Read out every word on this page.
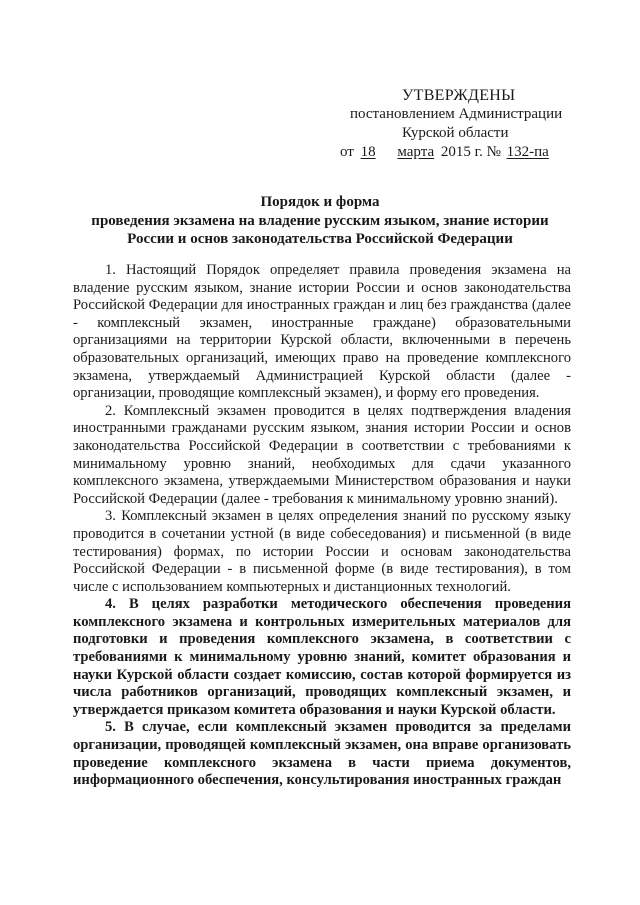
УТВЕРЖДЕНЫ
постановлением Администрации
Курской области
от 18 марта 2015 г. № 132-па
Порядок и форма
проведения экзамена на владение русским языком, знание истории
России и основ законодательства Российской Федерации

1. Настоящий Порядок определяет правила проведения экзамена на владение русским языком, знание истории России и основ законодательства Российской Федерации для иностранных граждан и лиц без гражданства (далее - комплексный экзамен, иностранные граждане) образовательными организациями на территории Курской области, включенными в перечень образовательных организаций, имеющих право на проведение комплексного экзамена, утверждаемый Администрацией Курской области (далее - организации, проводящие комплексный экзамен), и форму его проведения.

2. Комплексный экзамен проводится в целях подтверждения владения иностранными гражданами русским языком, знания истории России и основ законодательства Российской Федерации в соответствии с требованиями к минимальному уровню знаний, необходимых для сдачи указанного комплексного экзамена, утверждаемыми Министерством образования и науки Российской Федерации (далее - требования к минимальному уровню знаний).

3. Комплексный экзамен в целях определения знаний по русскому языку проводится в сочетании устной (в виде собеседования) и письменной (в виде тестирования) формах, по истории России и основам законодательства Российской Федерации - в письменной форме (в виде тестирования), в том числе с использованием компьютерных и дистанционных технологий.

4. В целях разработки методического обеспечения проведения комплексного экзамена и контрольных измерительных материалов для подготовки и проведения комплексного экзамена, в соответствии с требованиями к минимальному уровню знаний, комитет образования и науки Курской области создает комиссию, состав которой формируется из числа работников организаций, проводящих комплексный экзамен, и утверждается приказом комитета образования и науки Курской области.

5. В случае, если комплексный экзамен проводится за пределами организации, проводящей комплексный экзамен, она вправе организовать проведение комплексного экзамена в части приема документов, информационного обеспечения, консультирования иностранных граждан
